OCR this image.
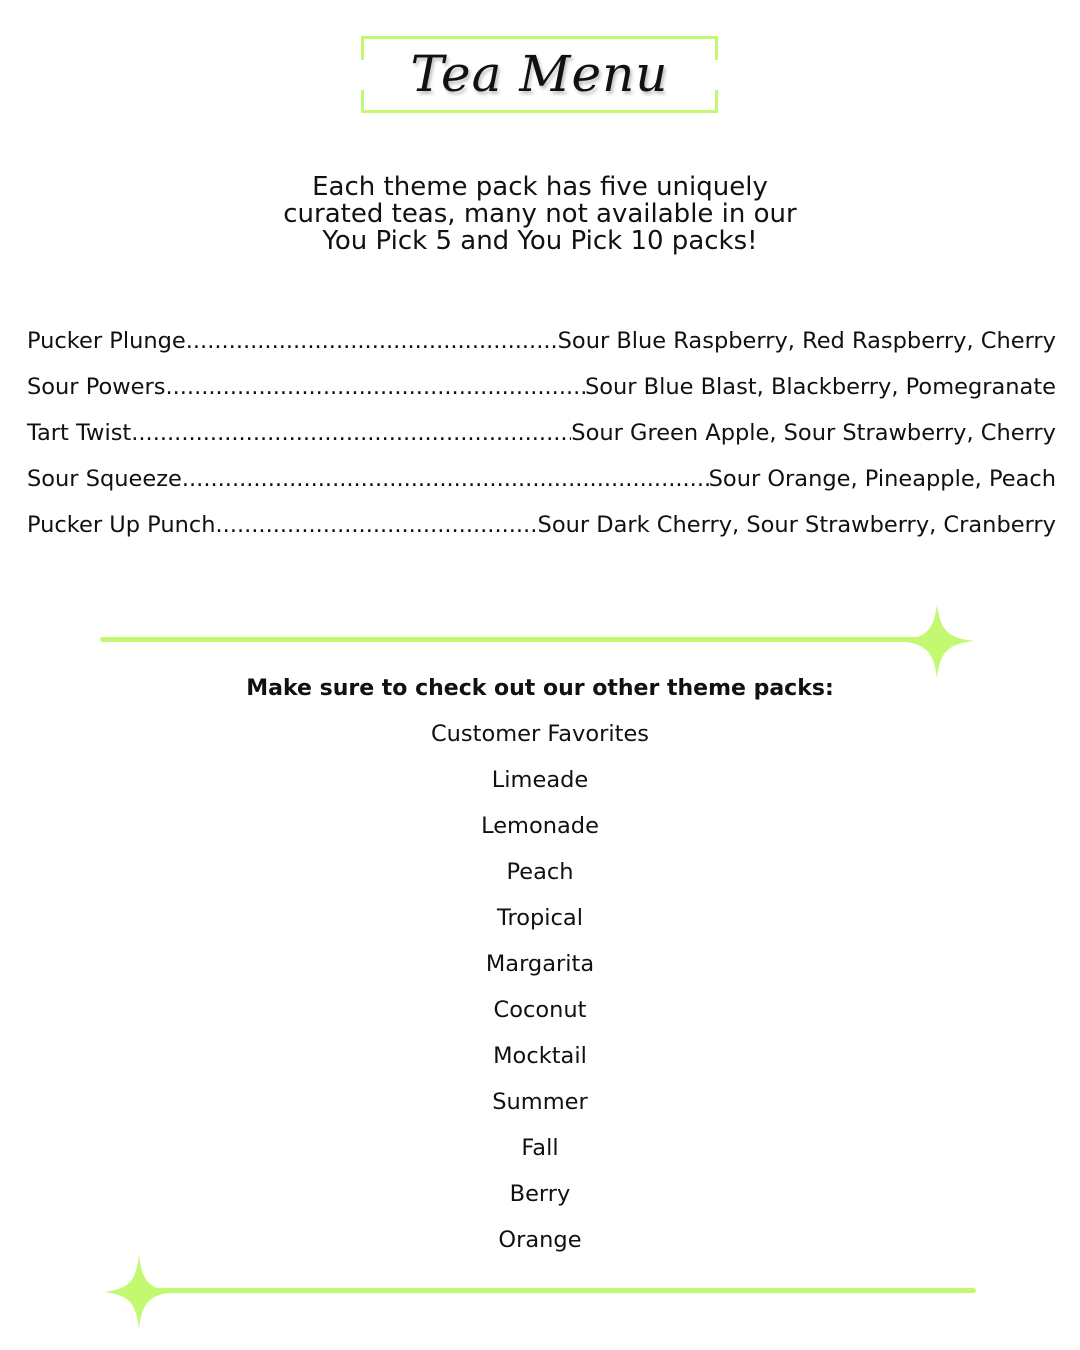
Tea Menu
Each theme pack has five uniquely
curated teas, many not available in our
You Pick 5 and You Pick 10 packs!
Pucker Plunge .....	Sour Blue Raspberry, Red Raspberry, Cherry
Sour Powers .....	Sour Blue Blast, Blackberry, Pomegranate
Tart Twist .....	Sour Green Apple, Sour Strawberry, Cherry
Sour Squeeze .....	Sour Orange, Pineapple, Peach
Pucker Up Punch .....	Sour Dark Cherry, Sour Strawberry, Cranberry
Make sure to check out our other theme packs:
Customer Favorites
Limeade
Lemonade
Peach
Tropical
Margarita
Coconut
Mocktail
Summer
Fall
Berry
Orange
